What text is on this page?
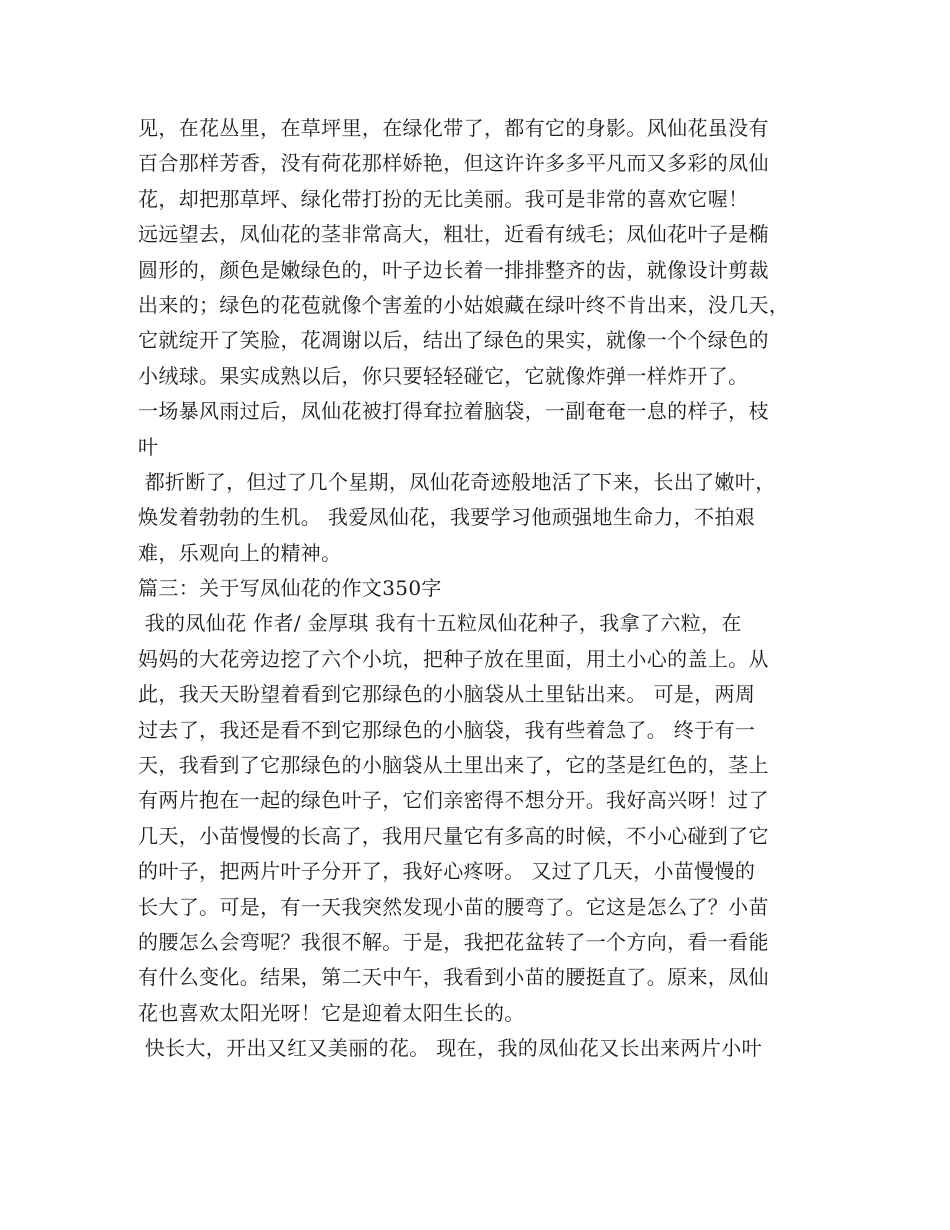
见，在花丛里，在草坪里，在绿化带了，都有它的身影。风仙花虽没有
百合那样芳香，没有荷花那样娇艳，但这许许多多平凡而又多彩的凤仙
花，却把那草坪、绿化带打扮的无比美丽。我可是非常的喜欢它喔！
远远望去，凤仙花的茎非常高大，粗壮，近看有绒毛；凤仙花叶子是椭
圆形的，颜色是嫩绿色的，叶子边长着一排排整齐的齿，就像设计剪裁
出来的；绿色的花苞就像个害羞的小姑娘藏在绿叶终不肯出来，没几天，
它就绽开了笑脸，花凋谢以后，结出了绿色的果实，就像一个个绿色的
小绒球。果实成熟以后，你只要轻轻碰它，它就像炸弹一样炸开了。
一场暴风雨过后，凤仙花被打得耷拉着脑袋，一副奄奄一息的样子，枝
叶
都折断了，但过了几个星期，凤仙花奇迹般地活了下来，长出了嫩叶，
焕发着勃勃的生机。 我爱凤仙花，我要学习他顽强地生命力，不拍艰
难，乐观向上的精神。
篇三：关于写凤仙花的作文350字
我的凤仙花 作者/ 金厚琪 我有十五粒凤仙花种子，我拿了六粒，在
妈妈的大花旁边挖了六个小坑，把种子放在里面，用土小心的盖上。从
此，我天天盼望着看到它那绿色的小脑袋从土里钻出来。 可是，两周
过去了，我还是看不到它那绿色的小脑袋，我有些着急了。 终于有一
天，我看到了它那绿色的小脑袋从土里出来了，它的茎是红色的，茎上
有两片抱在一起的绿色叶子，它们亲密得不想分开。我好高兴呀！过了
几天，小苗慢慢的长高了，我用尺量它有多高的时候，不小心碰到了它
的叶子，把两片叶子分开了，我好心疼呀。 又过了几天，小苗慢慢的
长大了。可是，有一天我突然发现小苗的腰弯了。它这是怎么了？小苗
的腰怎么会弯呢？我很不解。于是，我把花盆转了一个方向，看一看能
有什么变化。结果，第二天中午，我看到小苗的腰挺直了。原来，凤仙
花也喜欢太阳光呀！它是迎着太阳生长的。
快长大，开出又红又美丽的花。 现在，我的凤仙花又长出来两片小叶
